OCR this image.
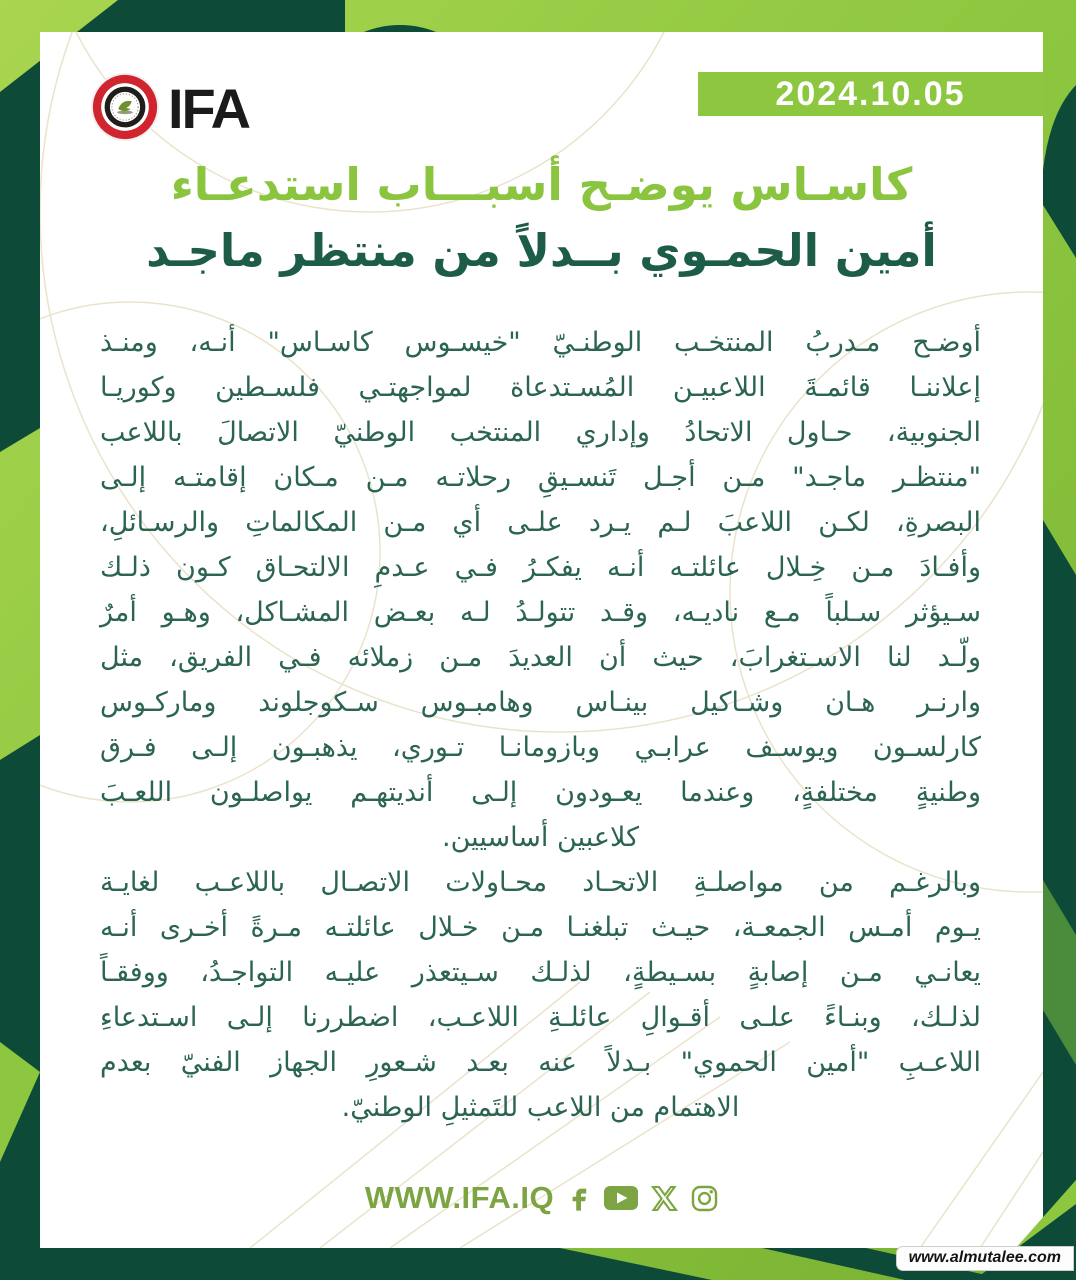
IFA	2024.10.05
كاسـاس يوضـح أسبـــاب استدعـاء
أمين الحمـوي بــدلاً من منتظر ماجـد
أوضـح مـدربُ المنتخـب الوطنـيّ "خيسـوس كاسـاس" أنـه، ومنـذ
إعلاننـا قائمـةَ اللاعبيـن المُسـتدعاة لمواجهتـي فلسـطين وكوريـا
الجنوبية، حـاول الاتحادُ وإداري المنتخب الوطنيّ الاتصالَ باللاعب
"منتظـر ماجـد" مـن أجـل تَنسـيقِ رحلاتـه مـن مـكان إقامتـه إلـى
البصرةِ، لكـن اللاعبَ لـم يـرد علـى أي مـن المكالماتِ والرسـائلِ،
وأفـادَ مـن خِـلال عائلتـه أنـه يفكـرُ فـي عـدمِ الالتحـاق كـون ذلـك
سـيؤثر سـلباً مـع ناديـه، وقـد تتولـدُ لـه بعـض المشـاكل، وهـو أمرٌ
ولّـد لنا الاسـتغرابَ، حيث أن العديدَ مـن زملائه فـي الفريق، مثل
وارنـر هـان وشـاكيل بينـاس وهامبـوس سـكوجلوند وماركـوس
كارلسـون ويوسـف عرابـي وبازومانـا تـوري، يذهبـون إلـى فـرق
وطنيةٍ مختلفةٍ، وعندما يعـودون إلـى أنديتهـم يواصلـون اللعـبَ
كلاعبين أساسيين.
وبالرغـم من مواصلـةِ الاتحـاد محـاولات الاتصـال باللاعـب لغايـة
يـوم أمـس الجمعـة، حيـث تبلغنـا مـن خـلال عائلتـه مـرةً أخـرى أنـه
يعانـي مـن إصابةٍ بسـيطةٍ، لذلـك سـيتعذر عليـه التواجـدُ، ووفقـاً
لذلـك، وبنـاءً علـى أقـوالِ عائلـةِ اللاعـب، اضطررنا إلـى اسـتدعاءِ
اللاعـبِ "أمين الحموي" بـدلاً عنه بعـد شـعورِ الجهاز الفنيّ بعدم
الاهتمام من اللاعب للتَمثيلِ الوطنيّ.
WWW.IFA.IQ
www.almutalee.com
